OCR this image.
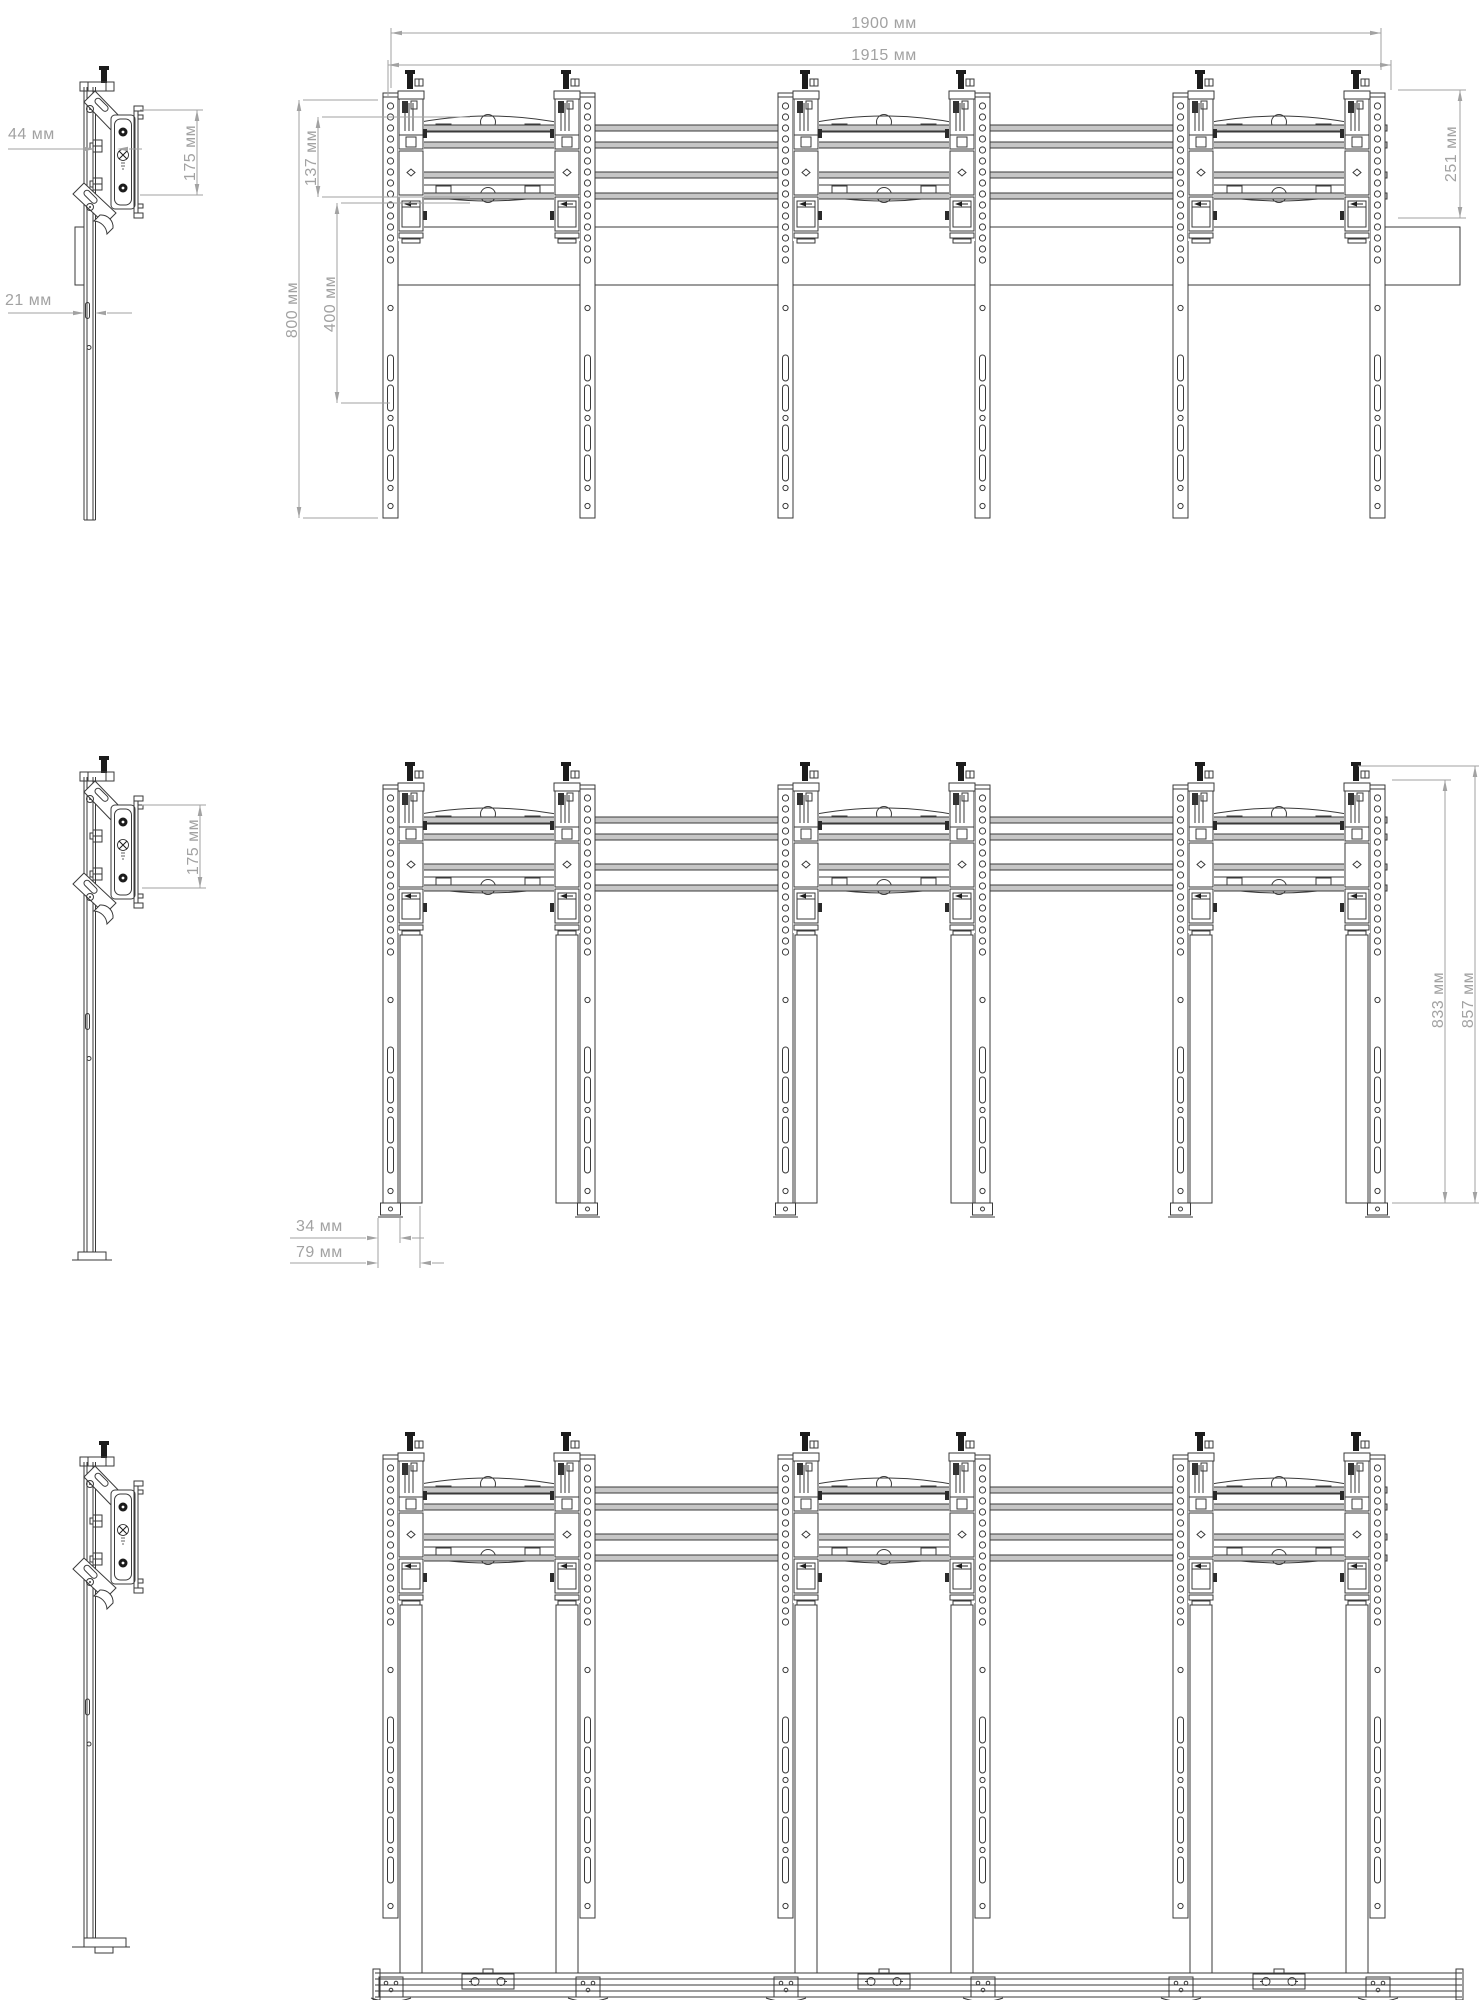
1900 мм
1915 мм
137 мм
800 мм 400 мм
251 мм
44 мм	175 мм
21 мм
833 мм 857 мм
34 мм
79 мм
175 мм
